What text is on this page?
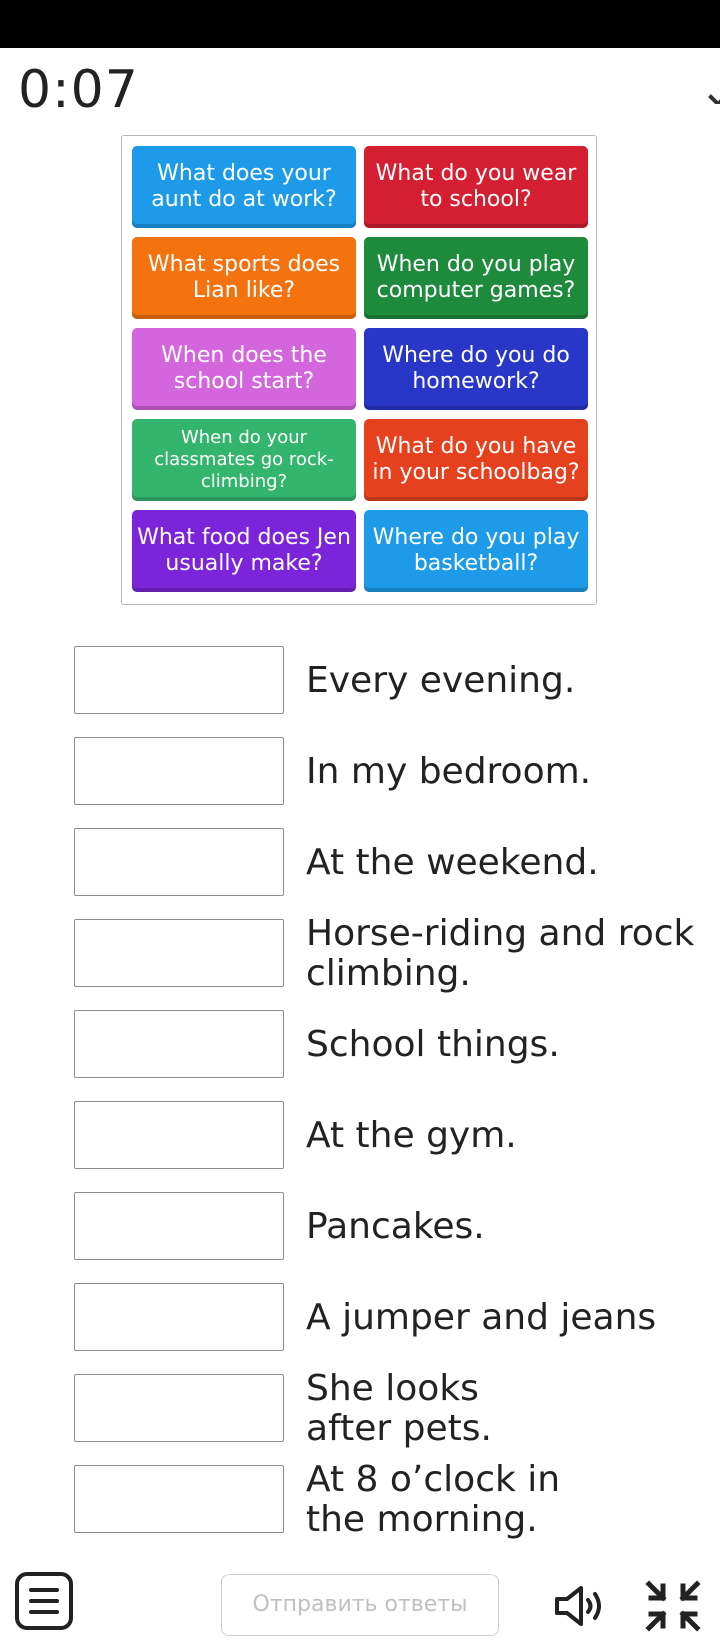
0:07
What does your aunt do at work?
What do you wear to school?
What sports does Lian like?
When do you play computer games?
When does the school start?
Where do you do homework?
When do your classmates go rock-climbing?
What do you have in your schoolbag?
What food does Jen usually make?
Where do you play basketball?
Every evening.
In my bedroom.
At the weekend.
Horse-riding and rock climbing.
School things.
At the gym.
Pancakes.
A jumper and jeans
She looks after pets.
At 8 o’clock in the morning.
Отправить ответы
